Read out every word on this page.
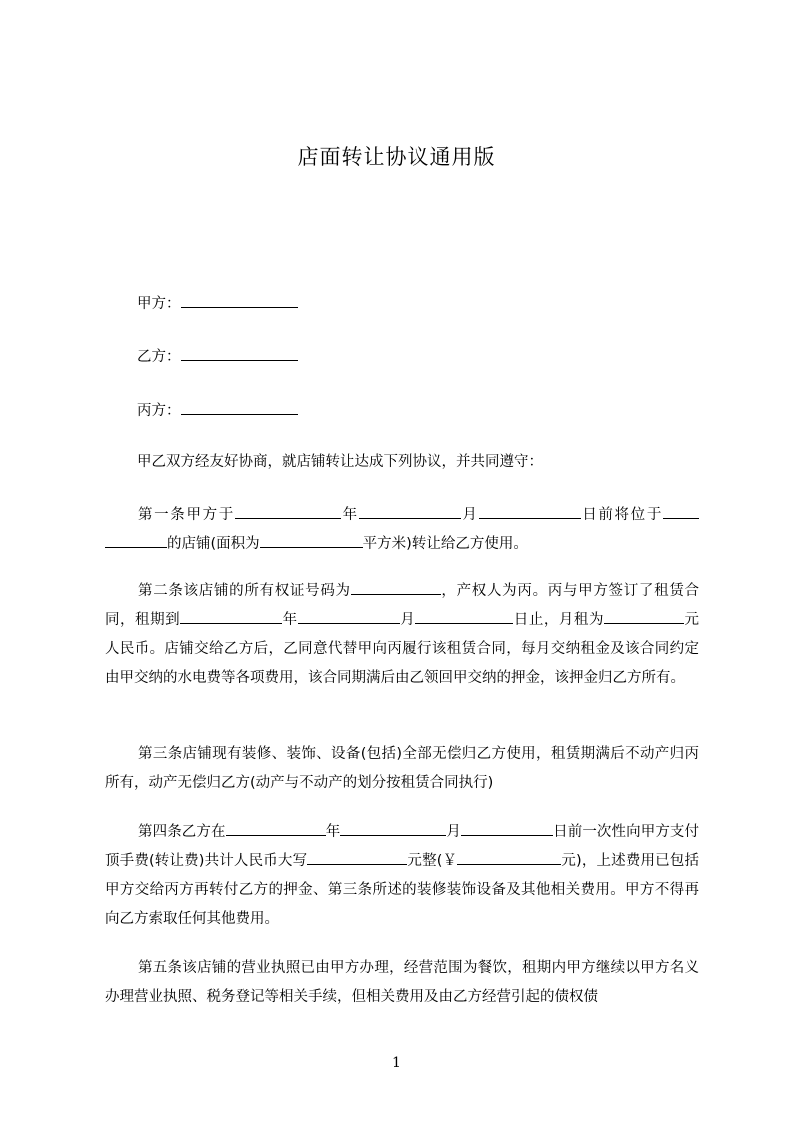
店面转让协议通用版
甲方：
乙方：
丙方：
甲乙双方经友好协商，就店铺转让达成下列协议，并共同遵守：
第一条甲方于	年	月	日前将位于 的店铺(面积为	平方米)转让给乙方使用。
第二条该店铺的所有权证号码为	，产权人为丙。丙与甲方签订了租赁合同，租期到	年	月	日止，月租为	元人民币。店铺交给乙方后，乙同意代替甲向丙履行该租赁合同，每月交纳租金及该合同约定由甲交纳的水电费等各项费用，该合同期满后由乙领回甲交纳的押金，该押金归乙方所有。
第三条店铺现有装修、装饰、设备(包括)全部无偿归乙方使用，租赁期满后不动产归丙所有，动产无偿归乙方(动产与不动产的划分按租赁合同执行)
第四条乙方在	年	月	日前一次性向甲方支付顶手费(转让费)共计人民币大写	元整(￥	元)，上述费用已包括甲方交给丙方再转付乙方的押金、第三条所述的装修装饰设备及其他相关费用。甲方不得再向乙方索取任何其他费用。
第五条该店铺的营业执照已由甲方办理，经营范围为餐饮，租期内甲方继续以甲方名义办理营业执照、税务登记等相关手续，但相关费用及由乙方经营引起的债权债
1
